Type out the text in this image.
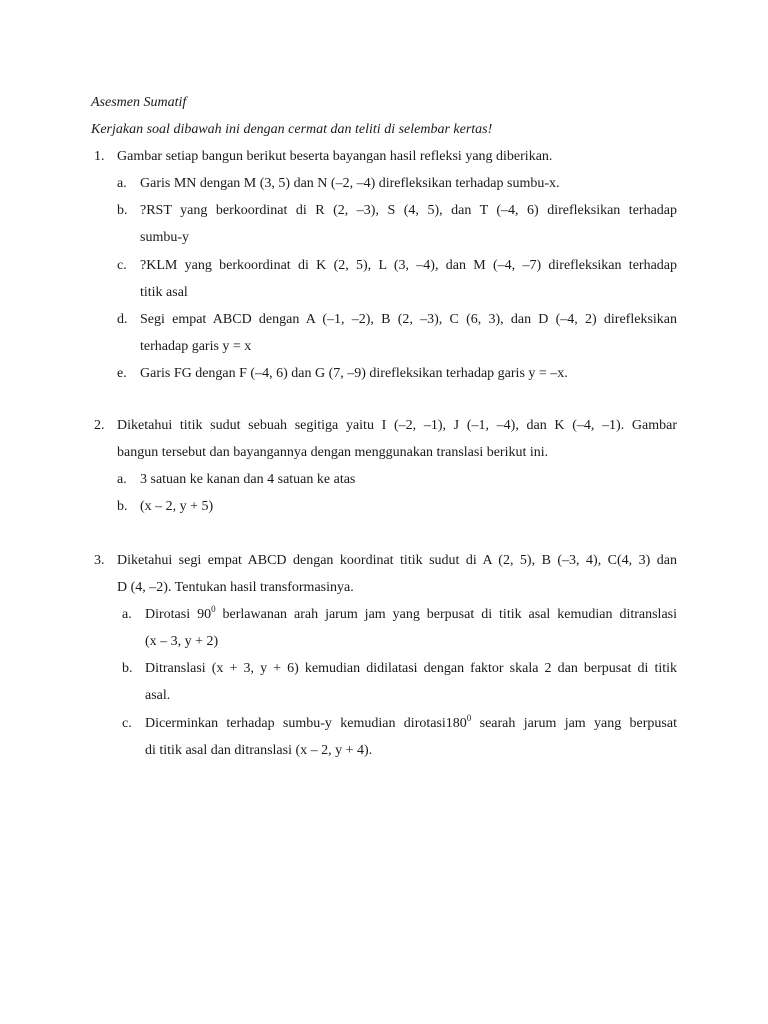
Asesmen Sumatif
Kerjakan soal dibawah ini dengan cermat dan teliti di selembar kertas!
1. Gambar setiap bangun berikut beserta bayangan hasil refleksi yang diberikan.
a. Garis MN dengan M (3, 5) dan N (–2, –4) direfleksikan terhadap sumbu-x.
b. ?RST yang berkoordinat di R (2, –3), S (4, 5), dan T (–4, 6) direfleksikan terhadap
sumbu-y
c. ?KLM yang berkoordinat di K (2, 5), L (3, –4), dan M (–4, –7) direfleksikan terhadap
titik asal
d. Segi empat ABCD dengan A (–1, –2), B (2, –3), C (6, 3), dan D (–4, 2) direfleksikan
terhadap garis y = x
e. Garis FG dengan F (–4, 6) dan G (7, –9) direfleksikan terhadap garis y = –x.
2. Diketahui titik sudut sebuah segitiga yaitu I (–2, –1), J (–1, –4), dan K (–4, –1). Gambar
bangun tersebut dan bayangannya dengan menggunakan translasi berikut ini.
a. 3 satuan ke kanan dan 4 satuan ke atas
b. (x – 2, y + 5)
3. Diketahui segi empat ABCD dengan koordinat titik sudut di A (2, 5), B (–3, 4), C(4, 3) dan
D (4, –2). Tentukan hasil transformasinya.
a. Dirotasi $90^0$ berlawanan arah jarum jam yang berpusat di titik asal kemudian ditranslasi
(x – 3, y + 2)
b. Ditranslasi (x + 3, y + 6) kemudian didilatasi dengan faktor skala 2 dan berpusat di titik
asal.
c. Dicerminkan terhadap sumbu-y kemudian $dirotasi180^0$ searah jarum jam yang berpusat
di titik asal dan ditranslasi (x – 2, y + 4).
